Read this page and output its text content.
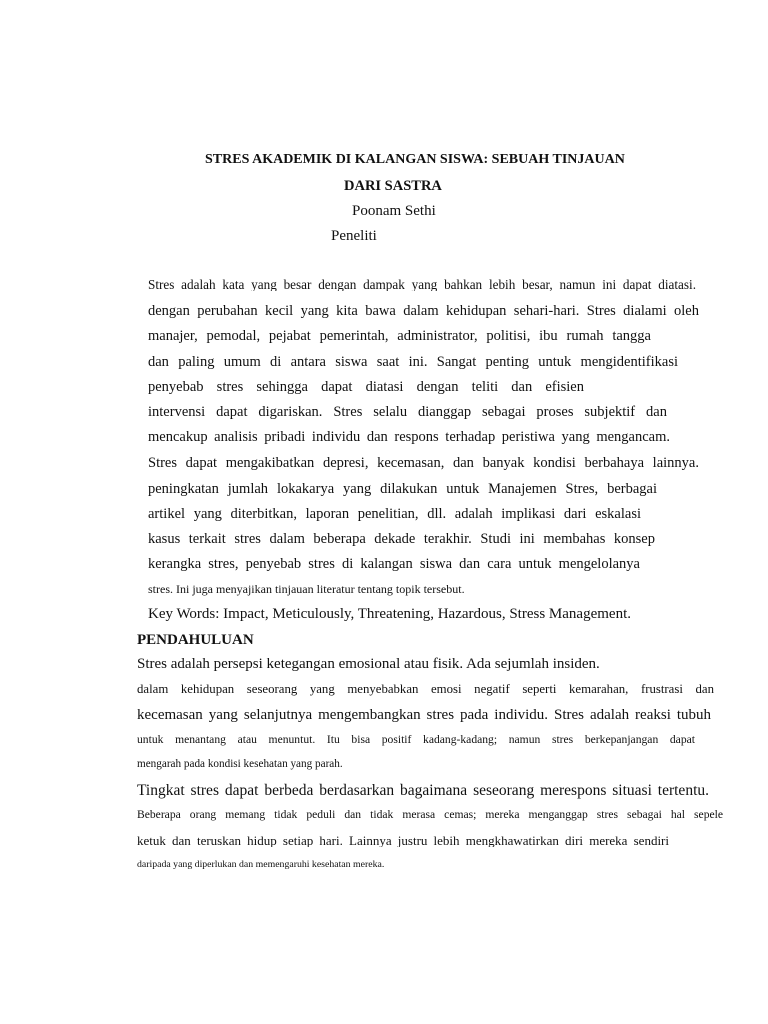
STRES AKADEMIK DI KALANGAN SISWA: SEBUAH TINJAUAN
DARI SASTRA
Poonam Sethi
Peneliti
Stres adalah kata yang besar dengan dampak yang bahkan lebih besar, namun ini dapat diatasi.
dengan perubahan kecil yang kita bawa dalam kehidupan sehari-hari. Stres dialami oleh
manajer, pemodal, pejabat pemerintah, administrator, politisi, ibu rumah tangga
dan paling umum di antara siswa saat ini. Sangat penting untuk mengidentifikasi
penyebab stres sehingga dapat diatasi dengan teliti dan efisien
intervensi dapat digariskan. Stres selalu dianggap sebagai proses subjektif dan
mencakup analisis pribadi individu dan respons terhadap peristiwa yang mengancam.
Stres dapat mengakibatkan depresi, kecemasan, dan banyak kondisi berbahaya lainnya.
peningkatan jumlah lokakarya yang dilakukan untuk Manajemen Stres, berbagai
artikel yang diterbitkan, laporan penelitian, dll. adalah implikasi dari eskalasi
kasus terkait stres dalam beberapa dekade terakhir. Studi ini membahas konsep
kerangka stres, penyebab stres di kalangan siswa dan cara untuk mengelolanya
stres. Ini juga menyajikan tinjauan literatur tentang topik tersebut.
Key Words: Impact, Meticulously, Threatening, Hazardous, Stress Management.
PENDAHULUAN
Stres adalah persepsi ketegangan emosional atau fisik. Ada sejumlah insiden.
dalam kehidupan seseorang yang menyebabkan emosi negatif seperti kemarahan, frustrasi dan
kecemasan yang selanjutnya mengembangkan stres pada individu. Stres adalah reaksi tubuh
untuk menantang atau menuntut. Itu bisa positif kadang-kadang; namun stres berkepanjangan dapat
mengarah pada kondisi kesehatan yang parah.
Tingkat stres dapat berbeda berdasarkan bagaimana seseorang merespons situasi tertentu.
Beberapa orang memang tidak peduli dan tidak merasa cemas; mereka menganggap stres sebagai hal sepele
ketuk dan teruskan hidup setiap hari. Lainnya justru lebih mengkhawatirkan diri mereka sendiri
daripada yang diperlukan dan memengaruhi kesehatan mereka.
